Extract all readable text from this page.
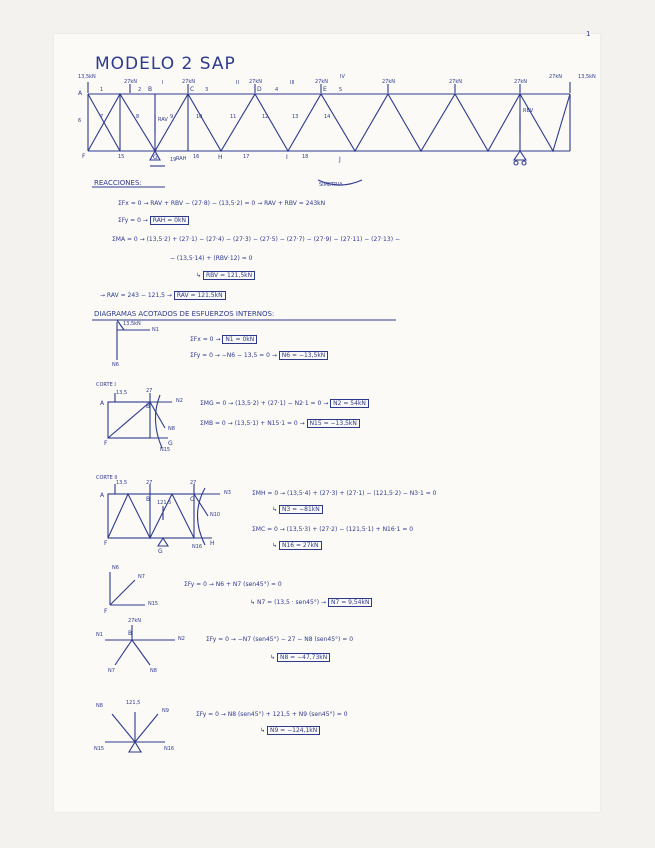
1
MODELO 2 SAP
13,5kN
27kN	27kN	27kN	27kN	27kN	27kN	27kN
27kN	13,5kN
A
B	C	D	E
F	G	H	I	J
1	2	3	4	5
6
7	8	9	10	11	12	13	14
15	16	17	18
19
I	II	III
IV
RAV
RBV
RAH
SIMETRIA
REACCIONES:
ΣFx = 0 → RAV + RBV − (27·8) − (13,5·2) = 0 → RAV + RBV = 243kN
ΣFy = 0 → RAH = 0kN
ΣMA = 0 → (13,5·2) + (27·1) − (27·4) − (27·3) − (27·5) − (27·7) − (27·9) − (27·11) − (27·13) −
− (13,5·14) + (RBV·12) = 0
↳ RBV = 121,5kN
→ RAV = 243 − 121,5 → RAV = 121,5kN
DIAGRAMAS ACOTADOS DE ESFUERZOS INTERNOS:
13,5kN
N1
N6
ΣFx = 0 → N1 = 0kN
ΣFy = 0 → −N6 − 13,5 = 0 → N6 = −13,5kN
CORTE I
13,5	27
N2
N8
N15
A	B
F	G
ΣMG = 0 → (13,5·2) + (27·1) − N2·1 = 0 → N2 = 54kN
ΣMB = 0 → (13,5·1) + N15·1 = 0 → N15 = −13,5kN
CORTE II
13,5	27	27
121,5
N3
N10
N16
A
B	C
F
G
H
ΣMH = 0 → (13,5·4) + (27·3) + (27·1) − (121,5·2) − N3·1 = 0
↳ N3 = −81kN
ΣMC = 0 → (13,5·3) + (27·2) − (121,5·1) + N16·1 = 0
↳ N16 = 27kN
N6
N7
N15
F
ΣFy = 0 → N6 + N7 (sen45°) = 0
↳ N7 = (13,5 · sen45°) → N7 = 9,54kN
27kN
N1
N2
N7	N8
B
ΣFy = 0 → −N7 (sen45°) − 27 − N8 (sen45°) = 0
↳ N8 = −47,73kN
121,5
N8
N9
N15	N16
ΣFy = 0 → N8 (sen45°) + 121,5 + N9 (sen45°) = 0
↳ N9 = −124,1kN
